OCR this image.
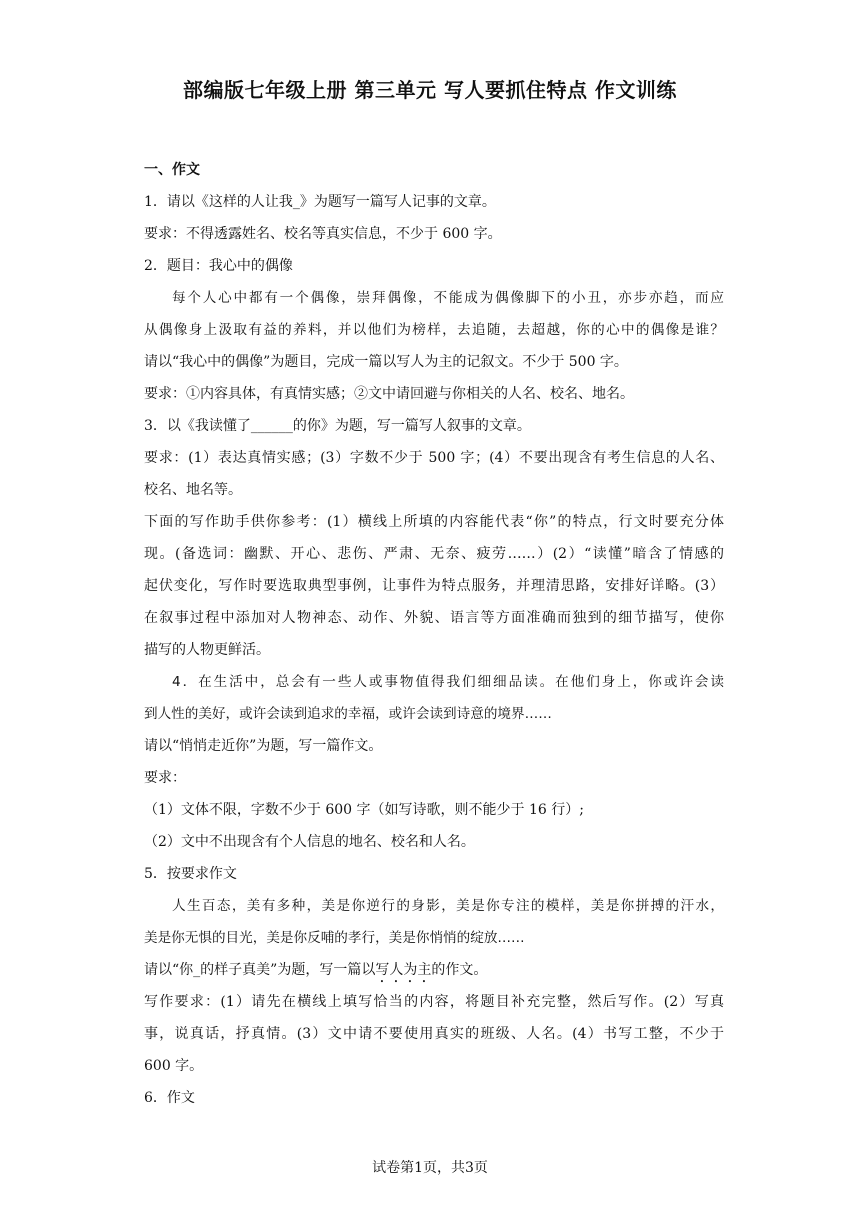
部编版七年级上册 第三单元 写人要抓住特点 作文训练
一、作文
1．请以《这样的人让我_》为题写一篇写人记事的文章。
要求：不得透露姓名、校名等真实信息，不少于 600 字。
2．题目：我心中的偶像
每个人心中都有一个偶像，崇拜偶像，不能成为偶像脚下的小丑，亦步亦趋，而应
从偶像身上汲取有益的养料，并以他们为榜样，去追随，去超越，你的心中的偶像是谁？
请以“我心中的偶像”为题目，完成一篇以写人为主的记叙文。不少于 500 字。
要求：①内容具体，有真情实感；②文中请回避与你相关的人名、校名、地名。
3．以《我读懂了______的你》为题，写一篇写人叙事的文章。
要求：(1）表达真情实感；(3）字数不少于 500 字；(4）不要出现含有考生信息的人名、
校名、地名等。
下面的写作助手供你参考：(1）横线上所填的内容能代表“你”的特点，行文时要充分体
现。(备选词：幽默、开心、悲伤、严肃、无奈、疲劳……）(2）“读懂”暗含了情感的
起伏变化，写作时要选取典型事例，让事件为特点服务，并理清思路，安排好详略。(3）
在叙事过程中添加对人物神态、动作、外貌、语言等方面准确而独到的细节描写，使你
描写的人物更鲜活。
4．在生活中，总会有一些人或事物值得我们细细品读。在他们身上，你或许会读
到人性的美好，或许会读到追求的幸福，或许会读到诗意的境界……
请以“悄悄走近你”为题，写一篇作文。
要求：
（1）文体不限，字数不少于 600 字（如写诗歌，则不能少于 16 行）;
（2）文中不出现含有个人信息的地名、校名和人名。
5．按要求作文
人生百态，美有多种，美是你逆行的身影，美是你专注的模样，美是你拼搏的汗水，
美是你无惧的目光，美是你反哺的孝行，美是你悄悄的绽放……
请以“你_的样子真美”为题，写一篇以写人为主的作文。
写作要求：(1）请先在横线上填写恰当的内容，将题目补充完整，然后写作。(2）写真
事，说真话，抒真情。(3）文中请不要使用真实的班级、人名。(4）书写工整，不少于
600 字。
6．作文
试卷第1页，共3页
